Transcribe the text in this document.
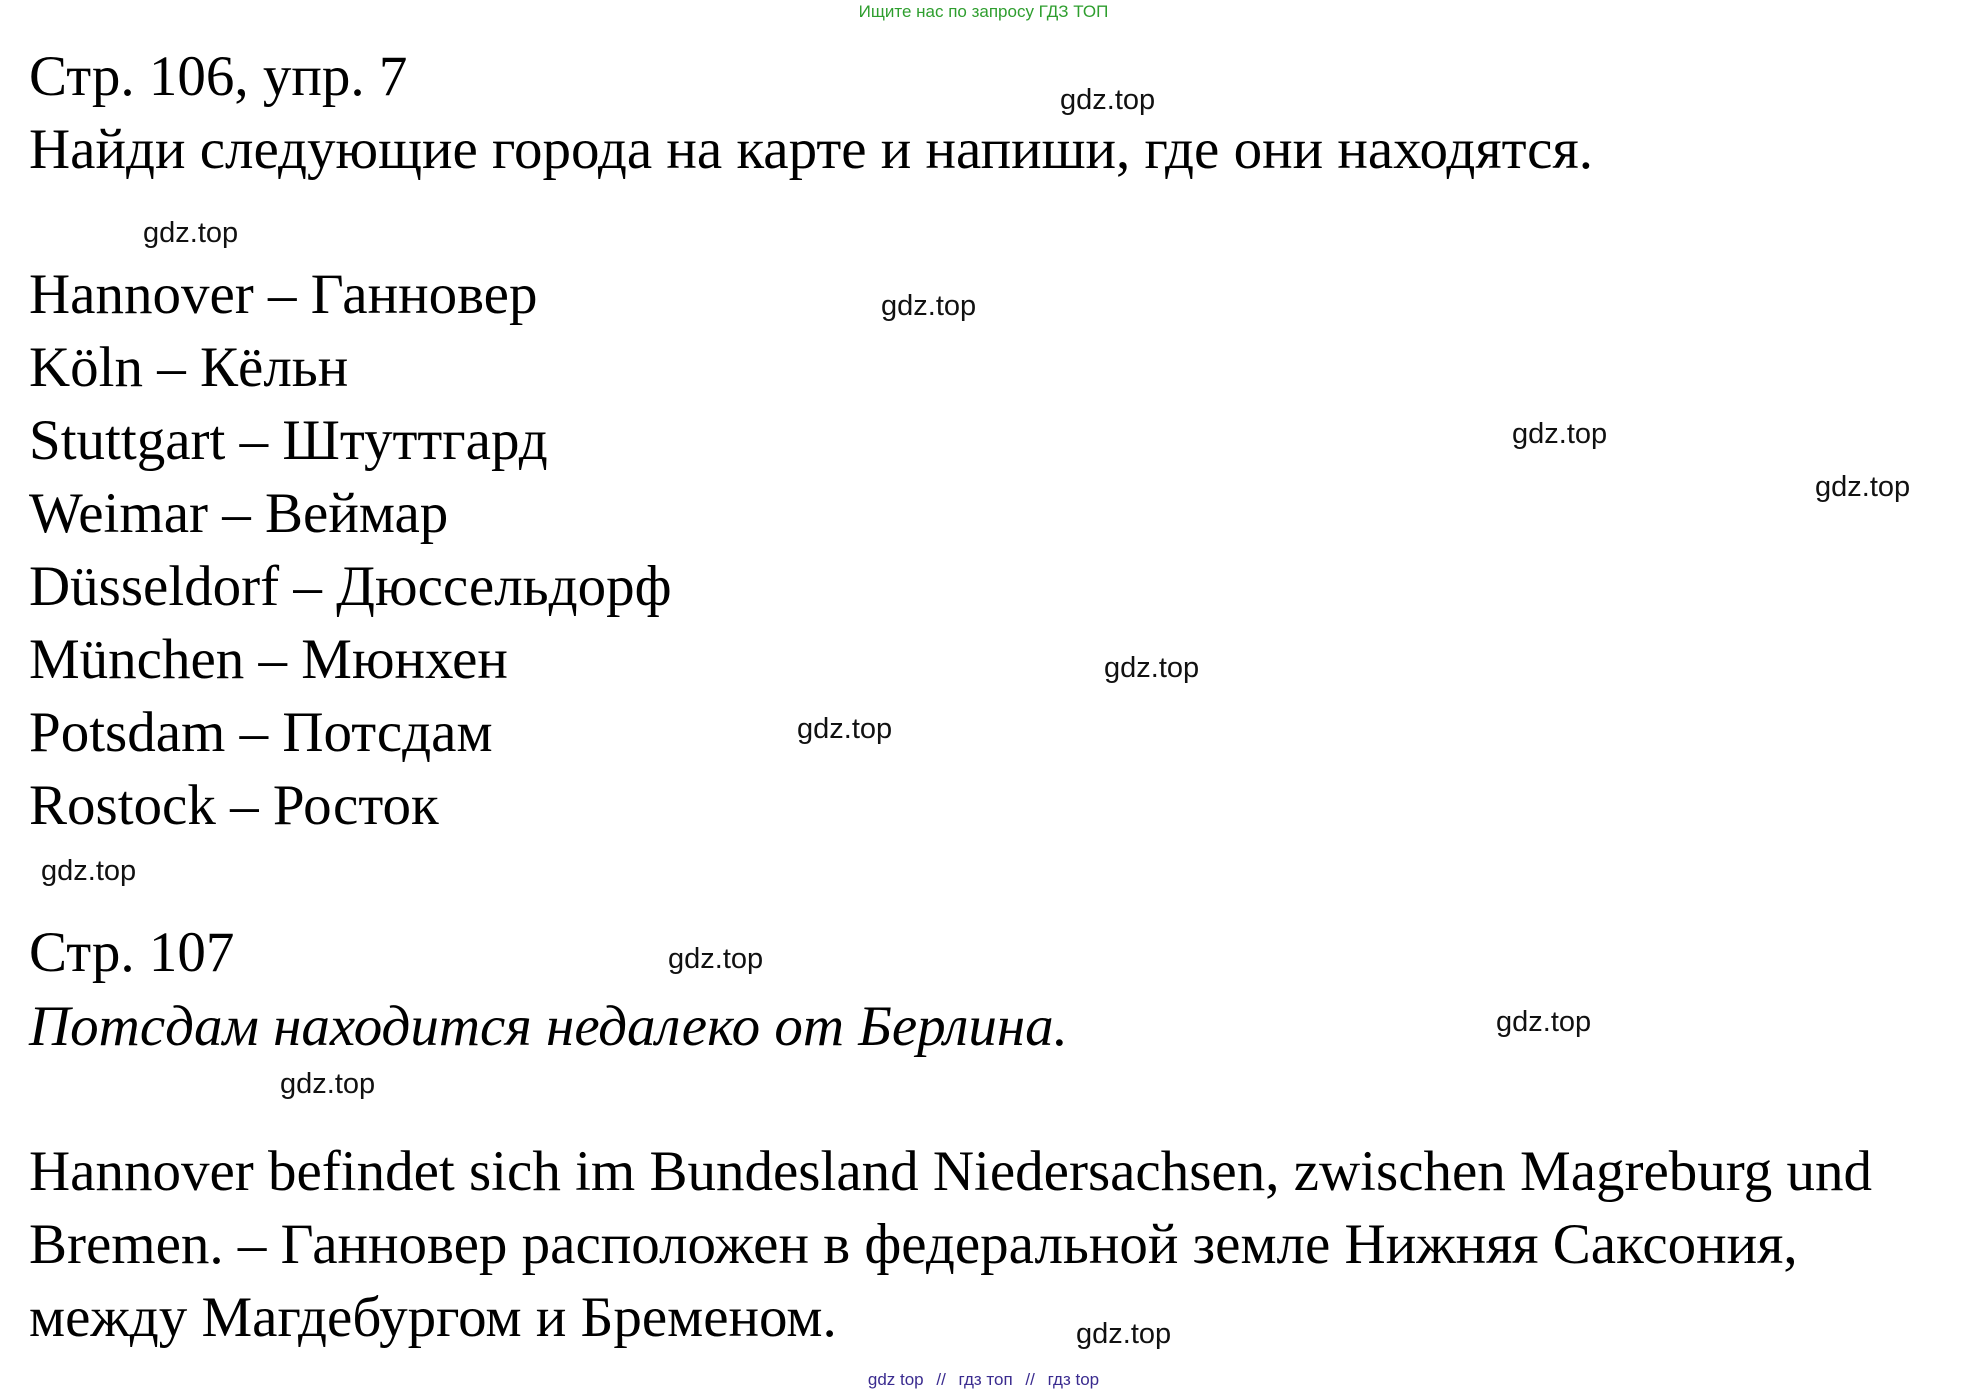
Ищите нас по запросу ГДЗ ТОП
Стр. 106, упр. 7
Найди следующие города на карте и напиши, где они находятся.
Hannover – Ганновер
Köln – Кёльн
Stuttgart – Штуттгард
Weimar – Веймар
Düsseldorf – Дюссельдорф
München – Мюнхен
Potsdam – Потсдам
Rostock – Росток
Стр. 107
Потсдам находится недалеко от Берлина.
Hannover befindet sich im Bundesland Niedersachsen, zwischen Magreburg und
Bremen. – Ганновер расположен в федеральной земле Нижняя Саксония,
между Магдебургом и Бременом.
gdz.top
gdz.top
gdz.top
gdz.top
gdz.top
gdz.top
gdz.top
gdz.top
gdz.top
gdz.top
gdz.top
gdz.top
gdz top // гдз топ // гдз top
